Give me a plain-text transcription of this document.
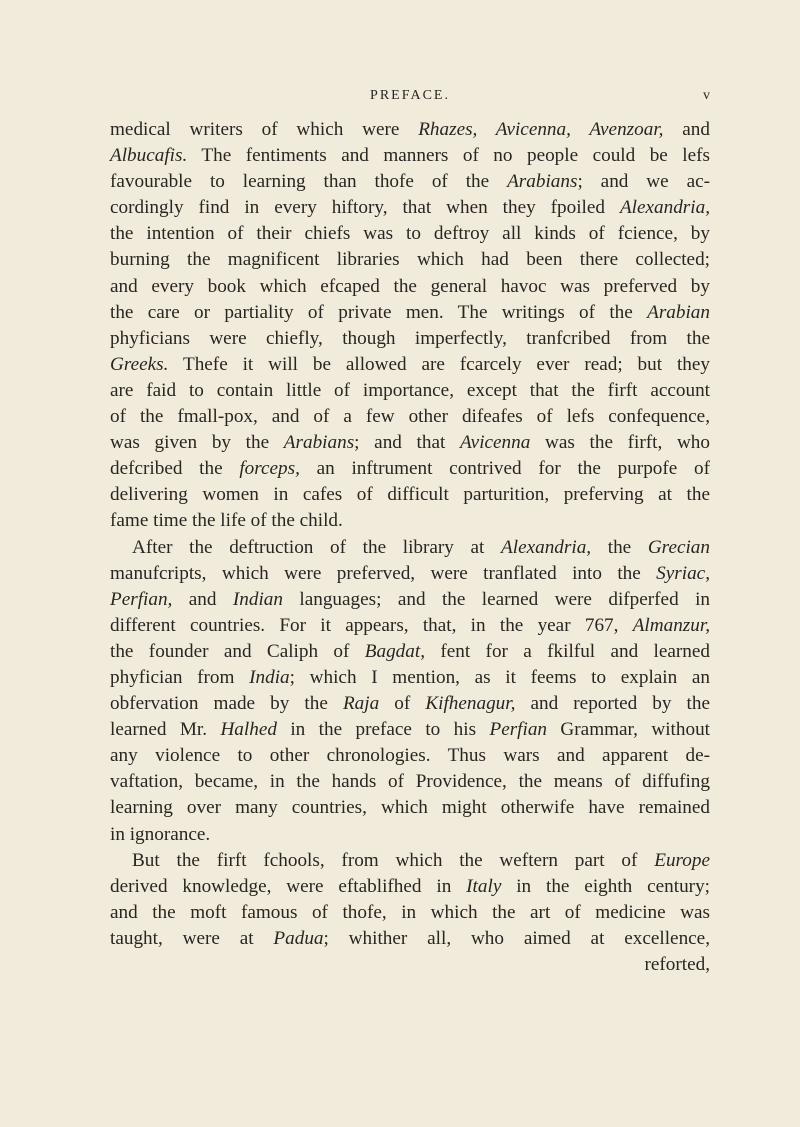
PREFACE.	v
medical writers of which were Rhazes, Avicenna, Avenzoar, and
Albucafis. The fentiments and manners of no people could be lefs
favourable to learning than thofe of the Arabians; and we ac-
cordingly find in every hiftory, that when they fpoiled Alexandria,
the intention of their chiefs was to deftroy all kinds of fcience, by
burning the magnificent libraries which had been there collected;
and every book which efcaped the general havoc was preferved by
the care or partiality of private men. The writings of the Arabian
phyficians were chiefly, though imperfectly, tranfcribed from the
Greeks. Thefe it will be allowed are fcarcely ever read; but they
are faid to contain little of importance, except that the firft account
of the fmall-pox, and of a few other difeafes of lefs confequence,
was given by the Arabians; and that Avicenna was the firft, who
defcribed the forceps, an inftrument contrived for the purpofe of
delivering women in cafes of difficult parturition, preferving at the
fame time the life of the child.
After the deftruction of the library at Alexandria, the Grecian
manufcripts, which were preferved, were tranflated into the Syriac,
Perfian, and Indian languages; and the learned were difperfed in
different countries. For it appears, that, in the year 767, Almanzur,
the founder and Caliph of Bagdat, fent for a fkilful and learned
phyfician from India; which I mention, as it feems to explain an
obfervation made by the Raja of Kifhenagur, and reported by the
learned Mr. Halhed in the preface to his Perfian Grammar, without
any violence to other chronologies. Thus wars and apparent de-
vaftation, became, in the hands of Providence, the means of diffufing
learning over many countries, which might otherwife have remained
in ignorance.
But the firft fchools, from which the weftern part of Europe
derived knowledge, were eftablifhed in Italy in the eighth century;
and the moft famous of thofe, in which the art of medicine was
taught, were at Padua; whither all, who aimed at excellence,
reforted,
